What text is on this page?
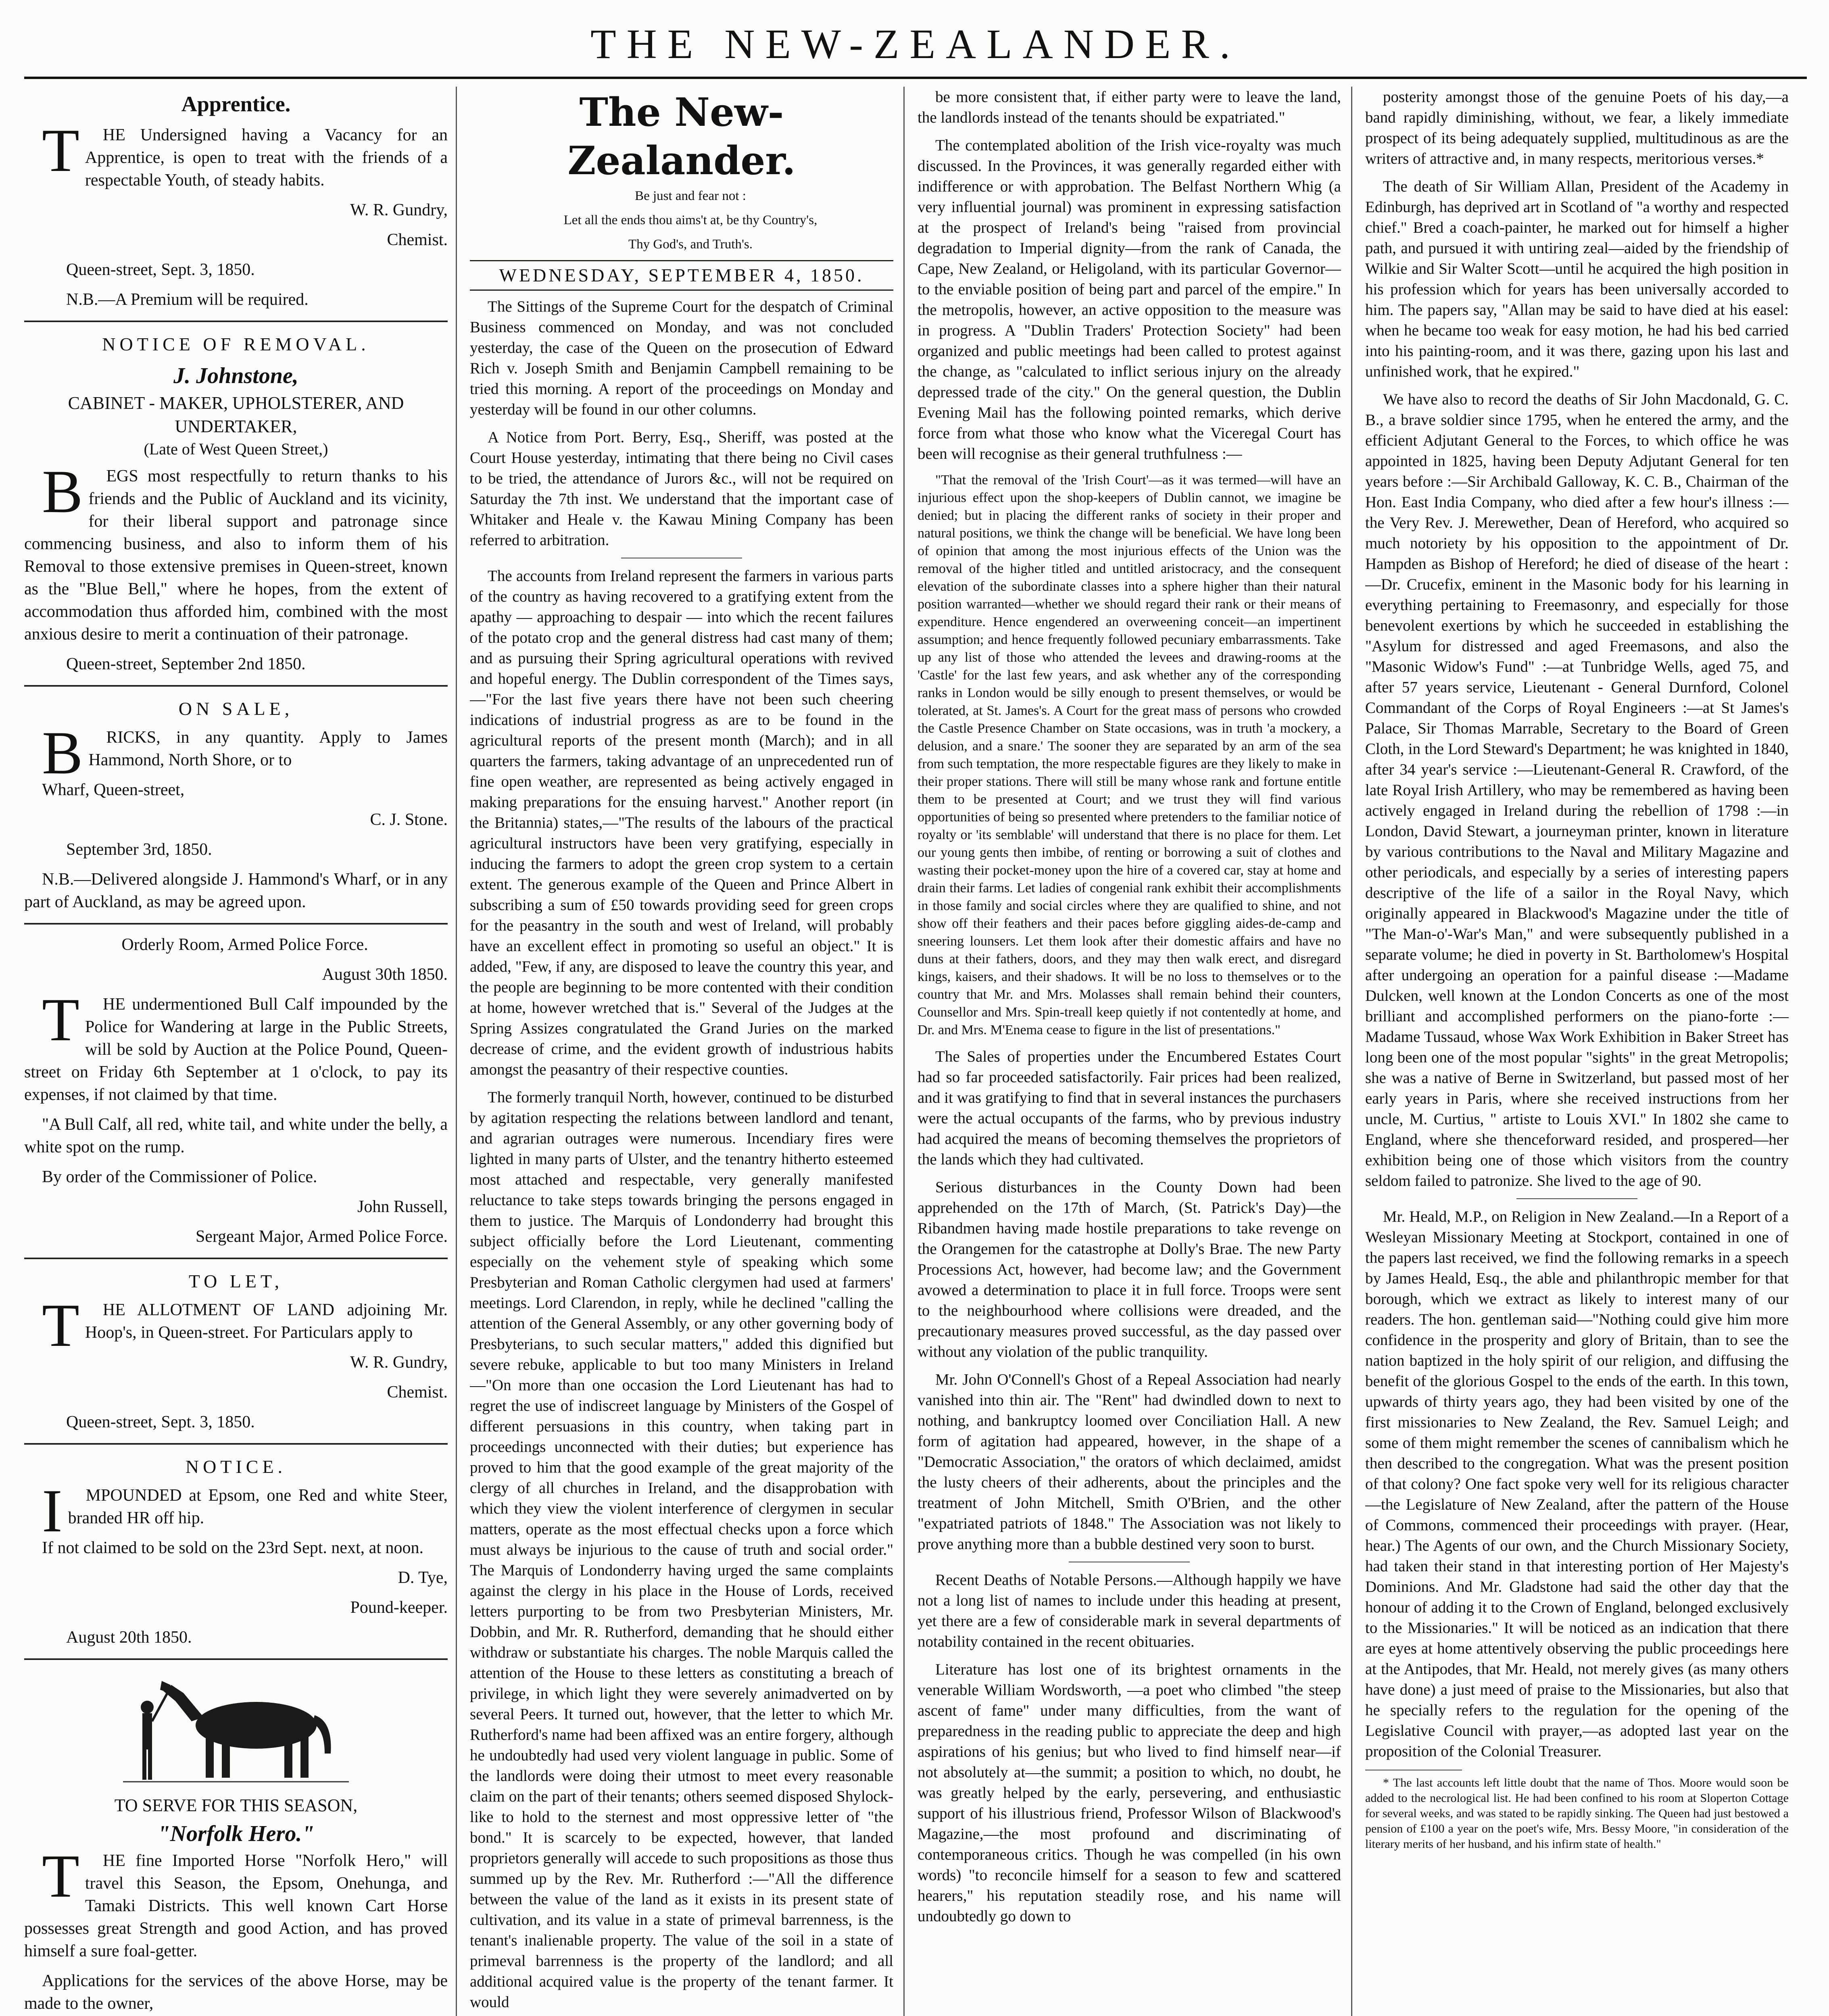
THE NEW-ZEALANDER.
Apprentice.

T HE Undersigned having a Vacancy for an Apprentice, is open to treat with the friends of a respectable Youth, of steady habits.

W. R. Gundry,

Chemist.

Queen-street, Sept. 3, 1850.

N.B.—A Premium will be required.

NOTICE OF REMOVAL.
J. Johnstone,
CABINET - MAKER, UPHOLSTERER, AND UNDERTAKER,
(Late of West Queen Street,)

B EGS most respectfully to return thanks to his friends and the Public of Auckland and its vicinity, for their liberal support and patronage since commencing business, and also to inform them of his Removal to those extensive premises in Queen-street, known as the "Blue Bell," where he hopes, from the extent of accommodation thus afforded him, combined with the most anxious desire to merit a continuation of their patronage.

Queen-street, September 2nd 1850.

ON SALE,

B RICKS, in any quantity. Apply to James Hammond, North Shore, or to

Wharf, Queen-street,

C. J. Stone.

September 3rd, 1850.

N.B.—Delivered alongside J. Hammond's Wharf, or in any part of Auckland, as may be agreed upon.

Orderly Room, Armed Police Force.

August 30th 1850.

T HE undermentioned Bull Calf impounded by the Police for Wandering at large in the Public Streets, will be sold by Auction at the Police Pound, Queen-street on Friday 6th September at 1 o'clock, to pay its expenses, if not claimed by that time.

"A Bull Calf, all red, white tail, and white under the belly, a white spot on the rump.

By order of the Commissioner of Police.

John Russell,

Sergeant Major, Armed Police Force.

TO LET,

T HE ALLOTMENT OF LAND adjoining Mr. Hoop's, in Queen-street. For Particulars apply to

W. R. Gundry,

Chemist.

Queen-street, Sept. 3, 1850.

NOTICE.

I MPOUNDED at Epsom, one Red and white Steer, branded HR off hip.

If not claimed to be sold on the 23rd Sept. next, at noon.

D. Tye,

Pound-keeper.

August 20th 1850.

TO SERVE FOR THIS SEASON,
"Norfolk Hero."

T HE fine Imported Horse "Norfolk Hero," will travel this Season, the Epsom, Onehunga, and Tamaki Districts. This well known Cart Horse possesses great Strength and good Action, and has proved himself a sure foal-getter.

Applications for the services of the above Horse, may be made to the owner,

The New-Zealander.

Be just and fear not :

Let all the ends thou aims't at, be thy Country's,

Thy God's, and Truth's.

WEDNESDAY, SEPTEMBER 4, 1850.

The Sittings of the Supreme Court for the despatch of Criminal Business commenced on Monday, and was not concluded yesterday, the case of the Queen on the prosecution of Edward Rich v. Joseph Smith and Benjamin Campbell remaining to be tried this morning. A report of the proceedings on Monday and yesterday will be found in our other columns.

A Notice from Port. Berry, Esq., Sheriff, was posted at the Court House yesterday, intimating that there being no Civil cases to be tried, the attendance of Jurors &c., will not be required on Saturday the 7th inst. We understand that the important case of Whitaker and Heale v. the Kawau Mining Company has been referred to arbitration.

The accounts from Ireland represent the farmers in various parts of the country as having recovered to a gratifying extent from the apathy — approaching to despair — into which the recent failures of the potato crop and the general distress had cast many of them; and as pursuing their Spring agricultural operations with revived and hopeful energy. The Dublin correspondent of the Times says,—"For the last five years there have not been such cheering indications of industrial progress as are to be found in the agricultural reports of the present month (March); and in all quarters the farmers, taking advantage of an unprecedented run of fine open weather, are represented as being actively engaged in making preparations for the ensuing harvest." Another report (in the Britannia) states,—"The results of the labours of the practical agricultural instructors have been very gratifying, especially in inducing the farmers to adopt the green crop system to a certain extent. The generous example of the Queen and Prince Albert in subscribing a sum of £50 towards providing seed for green crops for the peasantry in the south and west of Ireland, will probably have an excellent effect in promoting so useful an object." It is added, "Few, if any, are disposed to leave the country this year, and the people are beginning to be more contented with their condition at home, however wretched that is." Several of the Judges at the Spring Assizes congratulated the Grand Juries on the marked decrease of crime, and the evident growth of industrious habits amongst the peasantry of their respective counties.

The formerly tranquil North, however, continued to be disturbed by agitation respecting the relations between landlord and tenant, and agrarian outrages were numerous. Incendiary fires were lighted in many parts of Ulster, and the tenantry hitherto esteemed most attached and respectable, very generally manifested reluctance to take steps towards bringing the persons engaged in them to justice. The Marquis of Londonderry had brought this subject officially before the Lord Lieutenant, commenting especially on the vehement style of speaking which some Presbyterian and Roman Catholic clergymen had used at farmers' meetings. Lord Clarendon, in reply, while he declined "calling the attention of the General Assembly, or any other governing body of Presbyterians, to such secular matters," added this dignified but severe rebuke, applicable to but too many Ministers in Ireland —"On more than one occasion the Lord Lieutenant has had to regret the use of indiscreet language by Ministers of the Gospel of different persuasions in this country, when taking part in proceedings unconnected with their duties; but experience has proved to him that the good example of the great majority of the clergy of all churches in Ireland, and the disapprobation with which they view the violent interference of clergymen in secular matters, operate as the most effectual checks upon a force which must always be injurious to the cause of truth and social order." The Marquis of Londonderry having urged the same complaints against the clergy in his place in the House of Lords, received letters purporting to be from two Presbyterian Ministers, Mr. Dobbin, and Mr. R. Rutherford, demanding that he should either withdraw or substantiate his charges. The noble Marquis called the attention of the House to these letters as constituting a breach of privilege, in which light they were severely animadverted on by several Peers. It turned out, however, that the letter to which Mr. Rutherford's name had been affixed was an entire forgery, although he undoubtedly had used very violent language in public. Some of the landlords were doing their utmost to meet every reasonable claim on the part of their tenants; others seemed disposed Shylock-like to hold to the sternest and most oppressive letter of "the bond." It is scarcely to be expected, however, that landed proprietors generally will accede to such propositions as those thus summed up by the Rev. Mr. Rutherford :—"All the difference between the value of the land as it exists in its present state of cultivation, and its value in a state of primeval barrenness, is the tenant's inalienable property. The value of the soil in a state of primeval barrenness is the property of the landlord; and all additional acquired value is the property of the tenant farmer. It would

be more consistent that, if either party were to leave the land, the landlords instead of the tenants should be expatriated."

The contemplated abolition of the Irish vice-royalty was much discussed. In the Provinces, it was generally regarded either with indifference or with approbation. The Belfast Northern Whig (a very influential journal) was prominent in expressing satisfaction at the prospect of Ireland's being "raised from provincial degradation to Imperial dignity—from the rank of Canada, the Cape, New Zealand, or Heligoland, with its particular Governor—to the enviable position of being part and parcel of the empire." In the metropolis, however, an active opposition to the measure was in progress. A "Dublin Traders' Protection Society" had been organized and public meetings had been called to protest against the change, as "calculated to inflict serious injury on the already depressed trade of the city." On the general question, the Dublin Evening Mail has the following pointed remarks, which derive force from what those who know what the Viceregal Court has been will recognise as their general truthfulness :—

"That the removal of the 'Irish Court'—as it was termed—will have an injurious effect upon the shop-keepers of Dublin cannot, we imagine be denied; but in placing the different ranks of society in their proper and natural positions, we think the change will be beneficial. We have long been of opinion that among the most injurious effects of the Union was the removal of the higher titled and untitled aristocracy, and the consequent elevation of the subordinate classes into a sphere higher than their natural position warranted—whether we should regard their rank or their means of expenditure. Hence engendered an overweening conceit—an impertinent assumption; and hence frequently followed pecuniary embarrassments. Take up any list of those who attended the levees and drawing-rooms at the 'Castle' for the last few years, and ask whether any of the corresponding ranks in London would be silly enough to present themselves, or would be tolerated, at St. James's. A Court for the great mass of persons who crowded the Castle Presence Chamber on State occasions, was in truth 'a mockery, a delusion, and a snare.' The sooner they are separated by an arm of the sea from such temptation, the more respectable figures are they likely to make in their proper stations. There will still be many whose rank and fortune entitle them to be presented at Court; and we trust they will find various opportunities of being so presented where pretenders to the familiar notice of royalty or 'its semblable' will understand that there is no place for them. Let our young gents then imbibe, of renting or borrowing a suit of clothes and wasting their pocket-money upon the hire of a covered car, stay at home and drain their farms. Let ladies of congenial rank exhibit their accomplishments in those family and social circles where they are qualified to shine, and not show off their feathers and their paces before giggling aides-de-camp and sneering lounsers. Let them look after their domestic affairs and have no duns at their fathers, doors, and they may then walk erect, and disregard kings, kaisers, and their shadows. It will be no loss to themselves or to the country that Mr. and Mrs. Molasses shall remain behind their counters, Counsellor and Mrs. Spin-treall keep quietly if not contentedly at home, and Dr. and Mrs. M'Enema cease to figure in the list of presentations."

The Sales of properties under the Encumbered Estates Court had so far proceeded satisfactorily. Fair prices had been realized, and it was gratifying to find that in several instances the purchasers were the actual occupants of the farms, who by previous industry had acquired the means of becoming themselves the proprietors of the lands which they had cultivated.

Serious disturbances in the County Down had been apprehended on the 17th of March, (St. Patrick's Day)—the Ribandmen having made hostile preparations to take revenge on the Orangemen for the catastrophe at Dolly's Brae. The new Party Processions Act, however, had become law; and the Government avowed a determination to place it in full force. Troops were sent to the neighbourhood where collisions were dreaded, and the precautionary measures proved successful, as the day passed over without any violation of the public tranquility.

Mr. John O'Connell's Ghost of a Repeal Association had nearly vanished into thin air. The "Rent" had dwindled down to next to nothing, and bankruptcy loomed over Conciliation Hall. A new form of agitation had appeared, however, in the shape of a "Democratic Association," the orators of which declaimed, amidst the lusty cheers of their adherents, about the principles and the treatment of John Mitchell, Smith O'Brien, and the other "expatriated patriots of 1848." The Association was not likely to prove anything more than a bubble destined very soon to burst.

Recent Deaths of Notable Persons.—Although happily we have not a long list of names to include under this heading at present, yet there are a few of considerable mark in several departments of notability contained in the recent obituaries.

Literature has lost one of its brightest ornaments in the venerable William Wordsworth, —a poet who climbed "the steep ascent of fame" under many difficulties, from the want of preparedness in the reading public to appreciate the deep and high aspirations of his genius; but who lived to find himself near—if not absolutely at—the summit; a position to which, no doubt, he was greatly helped by the early, persevering, and enthusiastic support of his illustrious friend, Professor Wilson of Blackwood's Magazine,—the most profound and discriminating of contemporaneous critics. Though he was compelled (in his own words) "to reconcile himself for a season to few and scattered hearers," his reputation steadily rose, and his name will undoubtedly go down to

posterity amongst those of the genuine Poets of his day,—a band rapidly diminishing, without, we fear, a likely immediate prospect of its being adequately supplied, multitudinous as are the writers of attractive and, in many respects, meritorious verses.*

The death of Sir William Allan, President of the Academy in Edinburgh, has deprived art in Scotland of "a worthy and respected chief." Bred a coach-painter, he marked out for himself a higher path, and pursued it with untiring zeal—aided by the friendship of Wilkie and Sir Walter Scott—until he acquired the high position in his profession which for years has been universally accorded to him. The papers say, "Allan may be said to have died at his easel: when he became too weak for easy motion, he had his bed carried into his painting-room, and it was there, gazing upon his last and unfinished work, that he expired."

We have also to record the deaths of Sir John Macdonald, G. C. B., a brave soldier since 1795, when he entered the army, and the efficient Adjutant General to the Forces, to which office he was appointed in 1825, having been Deputy Adjutant General for ten years before :—Sir Archibald Galloway, K. C. B., Chairman of the Hon. East India Company, who died after a few hour's illness :—the Very Rev. J. Merewether, Dean of Hereford, who acquired so much notoriety by his opposition to the appointment of Dr. Hampden as Bishop of Hereford; he died of disease of the heart :—Dr. Crucefix, eminent in the Masonic body for his learning in everything pertaining to Freemasonry, and especially for those benevolent exertions by which he succeeded in establishing the "Asylum for distressed and aged Freemasons, and also the "Masonic Widow's Fund" :—at Tunbridge Wells, aged 75, and after 57 years service, Lieutenant - General Durnford, Colonel Commandant of the Corps of Royal Engineers :—at St James's Palace, Sir Thomas Marrable, Secretary to the Board of Green Cloth, in the Lord Steward's Department; he was knighted in 1840, after 34 year's service :—Lieutenant-General R. Crawford, of the late Royal Irish Artillery, who may be remembered as having been actively engaged in Ireland during the rebellion of 1798 :—in London, David Stewart, a journeyman printer, known in literature by various contributions to the Naval and Military Magazine and other periodicals, and especially by a series of interesting papers descriptive of the life of a sailor in the Royal Navy, which originally appeared in Blackwood's Magazine under the title of "The Man-o'-War's Man," and were subsequently published in a separate volume; he died in poverty in St. Bartholomew's Hospital after undergoing an operation for a painful disease :—Madame Dulcken, well known at the London Concerts as one of the most brilliant and accomplished performers on the piano-forte :—Madame Tussaud, whose Wax Work Exhibition in Baker Street has long been one of the most popular "sights" in the great Metropolis; she was a native of Berne in Switzerland, but passed most of her early years in Paris, where she received instructions from her uncle, M. Curtius, " artiste to Louis XVI." In 1802 she came to England, where she thenceforward resided, and prospered—her exhibition being one of those which visitors from the country seldom failed to patronize. She lived to the age of 90.

Mr. Heald, M.P., on Religion in New Zealand.—In a Report of a Wesleyan Missionary Meeting at Stockport, contained in one of the papers last received, we find the following remarks in a speech by James Heald, Esq., the able and philanthropic member for that borough, which we extract as likely to interest many of our readers. The hon. gentleman said—"Nothing could give him more confidence in the prosperity and glory of Britain, than to see the nation baptized in the holy spirit of our religion, and diffusing the benefit of the glorious Gospel to the ends of the earth. In this town, upwards of thirty years ago, they had been visited by one of the first missionaries to New Zealand, the Rev. Samuel Leigh; and some of them might remember the scenes of cannibalism which he then described to the congregation. What was the present position of that colony? One fact spoke very well for its religious character—the Legislature of New Zealand, after the pattern of the House of Commons, commenced their proceedings with prayer. (Hear, hear.) The Agents of our own, and the Church Missionary Society, had taken their stand in that interesting portion of Her Majesty's Dominions. And Mr. Gladstone had said the other day that the honour of adding it to the Crown of England, belonged exclusively to the Missionaries." It will be noticed as an indication that there are eyes at home attentively observing the public proceedings here at the Antipodes, that Mr. Heald, not merely gives (as many others have done) a just meed of praise to the Missionaries, but also that he specially refers to the regulation for the opening of the Legislative Council with prayer,—as adopted last year on the proposition of the Colonial Treasurer.

* The last accounts left little doubt that the name of Thos. Moore would soon be added to the necrological list. He had been confined to his room at Sloperton Cottage for several weeks, and was stated to be rapidly sinking. The Queen had just bestowed a pension of £100 a year on the poet's wife, Mrs. Bessy Moore, "in consideration of the literary merits of her husband, and his infirm state of health."
